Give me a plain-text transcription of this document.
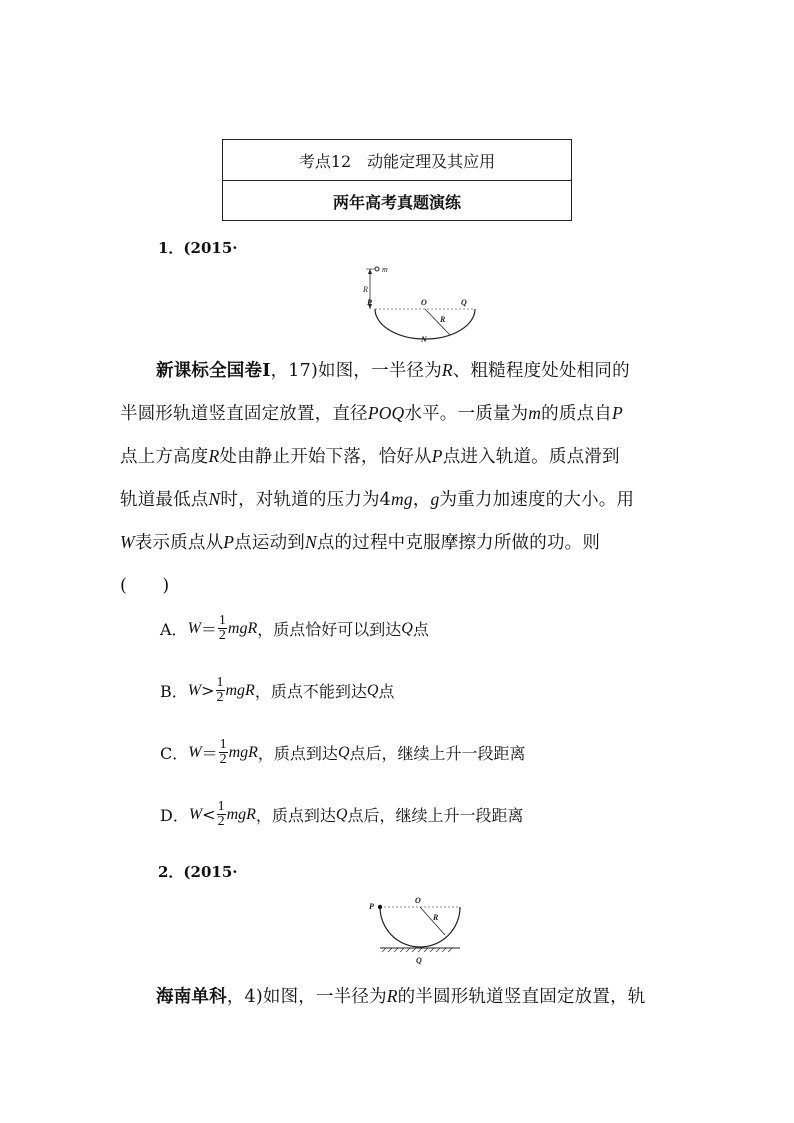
考点12　动能定理及其应用
两年高考真题演练
1．(2015·
m
R
P	O	Q
R
N
新课标全国卷Ⅰ，17)如图，一半径为R、粗糙程度处处相同的
半圆形轨道竖直固定放置，直径POQ水平。一质量为m的质点自P
点上方高度R处由静止开始下落，恰好从P点进入轨道。质点滑到
轨道最低点N时，对轨道的压力为4mg，g为重力加速度的大小。用
W表示质点从P点运动到N点的过程中克服摩擦力所做的功。则
(　　)
A． $W = \frac{1}{2}$ mgR ，质点恰好可以到达 Q 点
B． $W > \frac{1}{2}$ mgR ，质点不能到达 Q 点
C． $W = \frac{1}{2}$ mgR ，质点到达 Q 点后，继续上升一段距离
D． $W < \frac{1}{2}$ mgR ，质点到达 Q 点后，继续上升一段距离
2．(2015·
P
O
R
Q
海南单科，4)如图，一半径为R的半圆形轨道竖直固定放置，轨
